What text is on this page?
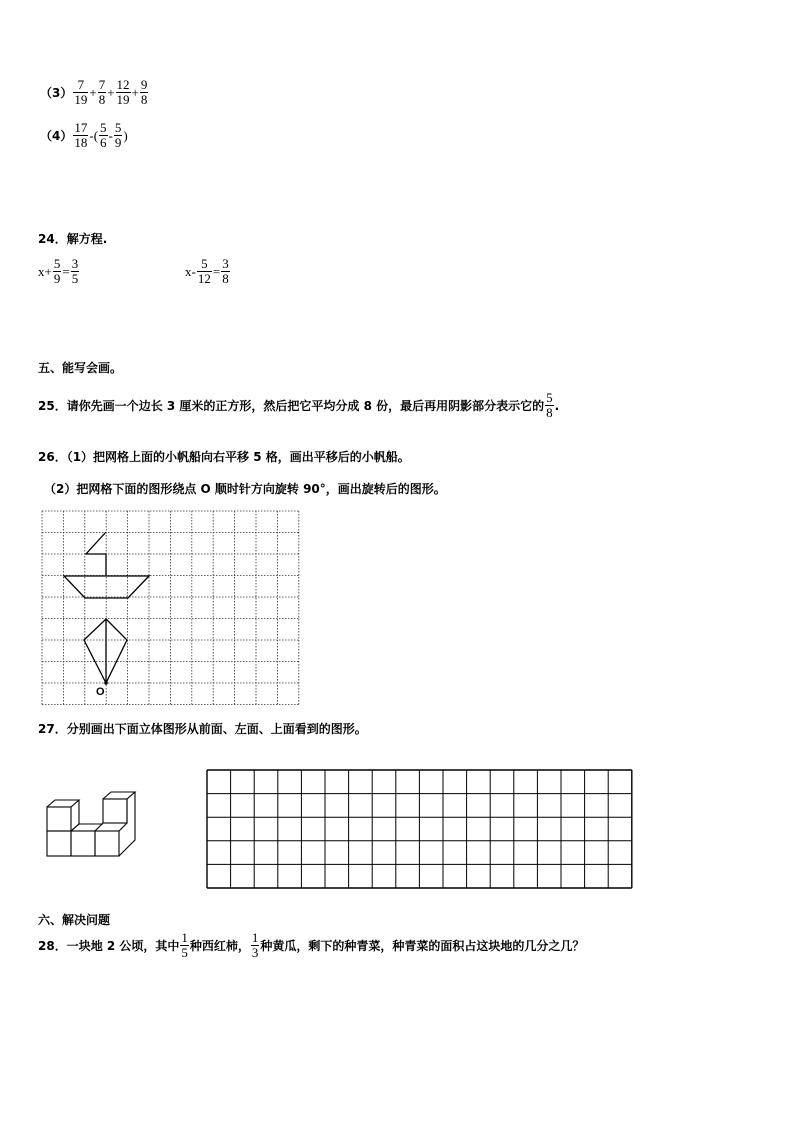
$(3) \frac{7}{19} + \frac{7}{8} + \frac{12}{19} + \frac{9}{8}$
$(4) \frac{17}{18}$ -( $\frac{5}{6} - \frac{5}{9}$ )
24．解方程.
$x+ \frac{5}{9} = \frac{3}{5}$	$x- \frac{5}{12} = \frac{3}{8}$
五、能写会画。
25．请你先画一个边长 3 厘米的正方形，然后把它平均分成 8 份，最后再用阴影部分表示它的 $\frac{5}{8}$ .
26．（1）把网格上面的小帆船向右平移 5 格，画出平移后的小帆船。
（2）把网格下面的图形绕点 O 顺时针方向旋转 90°，画出旋转后的图形。
O
27．分别画出下面立体图形从前面、左面、上面看到的图形。
六、解决问题
28．一块地 2 公顷，其中 $\frac{1}{5}$ 种西红柿， $\frac{1}{3}$ 种黄瓜，剩下的种青菜，种青菜的面积占这块地的几分之几？
